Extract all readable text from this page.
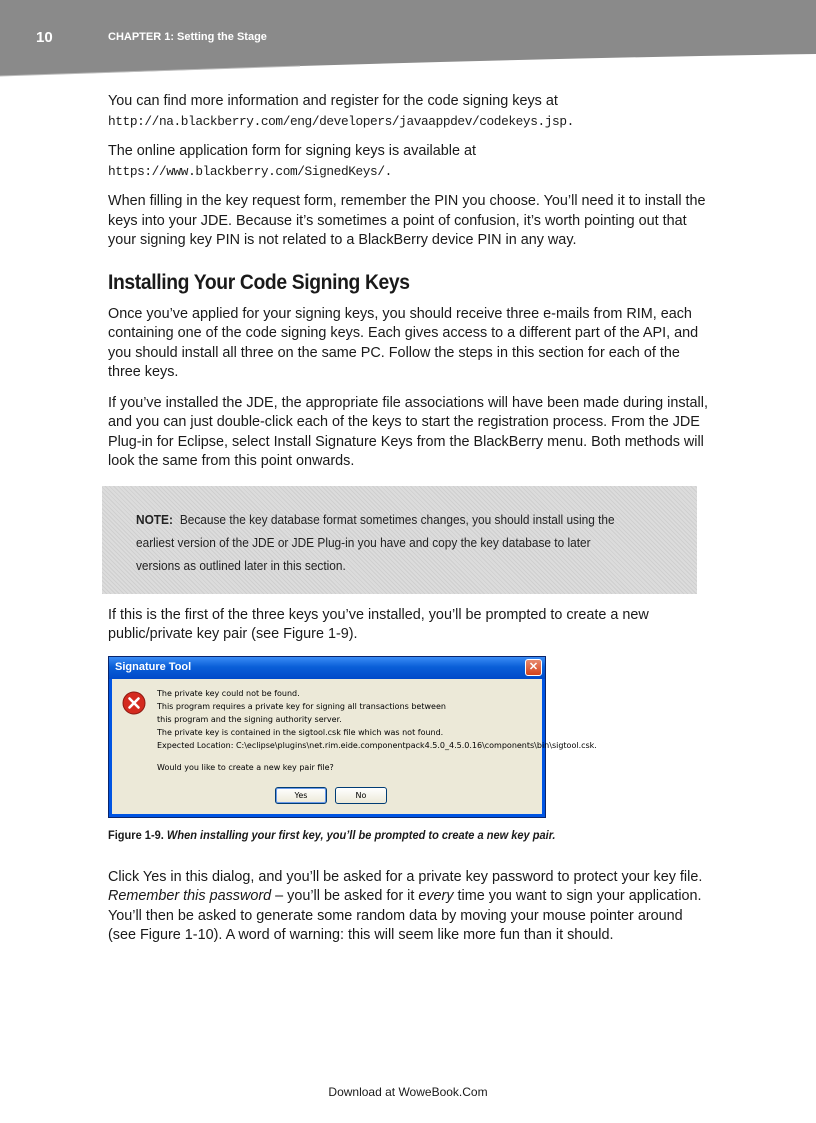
10	CHAPTER 1: Setting the Stage

You can find more information and register for the code signing keys at
http://na.blackberry.com/eng/developers/javaappdev/codekeys.jsp.

The online application form for signing keys is available at https://www.blackberry.com/SignedKeys/.

When filling in the key request form, remember the PIN you choose. You’ll need it to install the keys into your JDE. Because it’s sometimes a point of confusion, it’s worth pointing out that your signing key PIN is not related to a BlackBerry device PIN in any way.

Installing Your Code Signing Keys

Once you’ve applied for your signing keys, you should receive three e-mails from RIM, each containing one of the code signing keys. Each gives access to a different part of the API, and you should install all three on the same PC. Follow the steps in this section for each of the three keys.

If you’ve installed the JDE, the appropriate file associations will have been made during install, and you can just double-click each of the keys to start the registration process. From the JDE Plug-in for Eclipse, select Install Signature Keys from the BlackBerry menu. Both methods will look the same from this point onwards.

NOTE: Because the key database format sometimes changes, you should install using the earliest version of the JDE or JDE Plug-in you have and copy the key database to later versions as outlined later in this section.

If this is the first of the three keys you’ve installed, you’ll be prompted to create a new public/private key pair (see Figure 1-9).

Signature Tool	✕
The private key could not be found.
This program requires a private key for signing all transactions between
this program and the signing authority server.
The private key is contained in the sigtool.csk file which was not found.
Expected Location: C:\eclipse\plugins\net.rim.eide.componentpack4.5.0_4.5.0.16\components\bin\sigtool.csk.
Would you like to create a new key pair file?
Yes	No
Figure 1-9. When installing your first key, you’ll be prompted to create a new key pair.

Click Yes in this dialog, and you’ll be asked for a private key password to protect your key file. Remember this password – you’ll be asked for it every time you want to sign your application. You’ll then be asked to generate some random data by moving your mouse pointer around (see Figure 1-10). A word of warning: this will seem like more fun than it should.

Download at WoweBook.Com
